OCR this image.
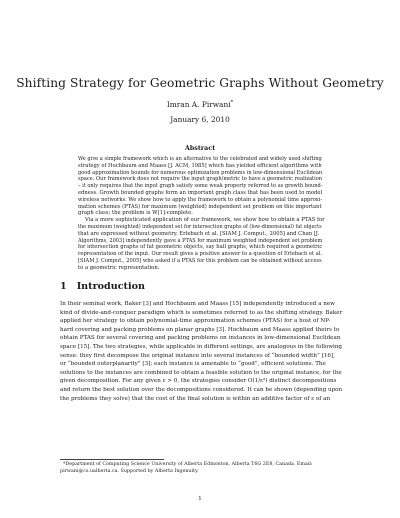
Shifting Strategy for Geometric Graphs Without Geometry
Imran A. Pirwani*
January 6, 2010
Abstract
We give a simple framework which is an alternative to the celebrated and widely used shifting
strategy of Hochbaum and Maass [J. ACM, 1985] which has yielded efficient algorithms with
good approximation bounds for numerous optimization problems in low-dimensional Euclidean
space. Our framework does not require the input graph/metric to have a geometric realization
– it only requires that the input graph satisfy some weak property referred to as growth bound-
edness. Growth bounded graphs form an important graph class that has been used to model
wireless networks. We show how to apply the framework to obtain a polynomial time approxi-
mation schemes (PTAS) for maximum (weighted) independent set problem on this important
graph class; the problem is W[1]-complete.
Via a more sophisticated application of our framework, we show how to obtain a PTAS for
the maximum (weighted) independent set for intersection graphs of (low-dimensional) fat objects
that are expressed without geometry. Erlebach et al. [SIAM J. Comput., 2005] and Chan [J.
Algorithms, 2003] independently gave a PTAS for maximum weighted independent set problem
for intersection graphs of fat geometric objects, say ball graphs, which required a geometric
representation of the input. Our result gives a positive answer to a question of Erlebach et al.
[SIAM J. Comput., 2005] who asked if a PTAS for this problem can be obtained without access
to a geometric representation.
1 Introduction
In their seminal work, Baker [3] and Hochbaum and Maass [15] independently introduced a new
kind of divide-and-conquer paradigm which is sometimes referred to as the shifting strategy. Baker
applied her strategy to obtain polynomial-time approximation schemes (PTAS) for a host of NP-
hard covering and packing problems on planar graphs [3]. Hochbaum and Maass applied theirs to
obtain PTAS for several covering and packing problems on instances in low-dimensional Euclidean
space [15]. The two strategies, while applicable in different settings, are analogous in the following
sense: they first decompose the original instance into several instances of “bounded width” [16],
or “bounded outerplanarity” [3]; each instance is amenable to “good”, efficient solutions. The
solutions to the instances are combined to obtain a feasible solution to the original instance, for the
given decomposition. For any given ε > 0, the strategies consider O(1/ε²) distinct decompositions
and return the best solution over the decompositions considered. It can be shown (depending upon
the problems they solve) that the cost of the final solution is within an additive factor of ε of an
*Department of Computing Science University of Alberta Edmonton, Alberta T6G 2E8, Canada. Email:
pirwani@cs.ualberta.ca. Supported by Alberta Ingenuity.
1
